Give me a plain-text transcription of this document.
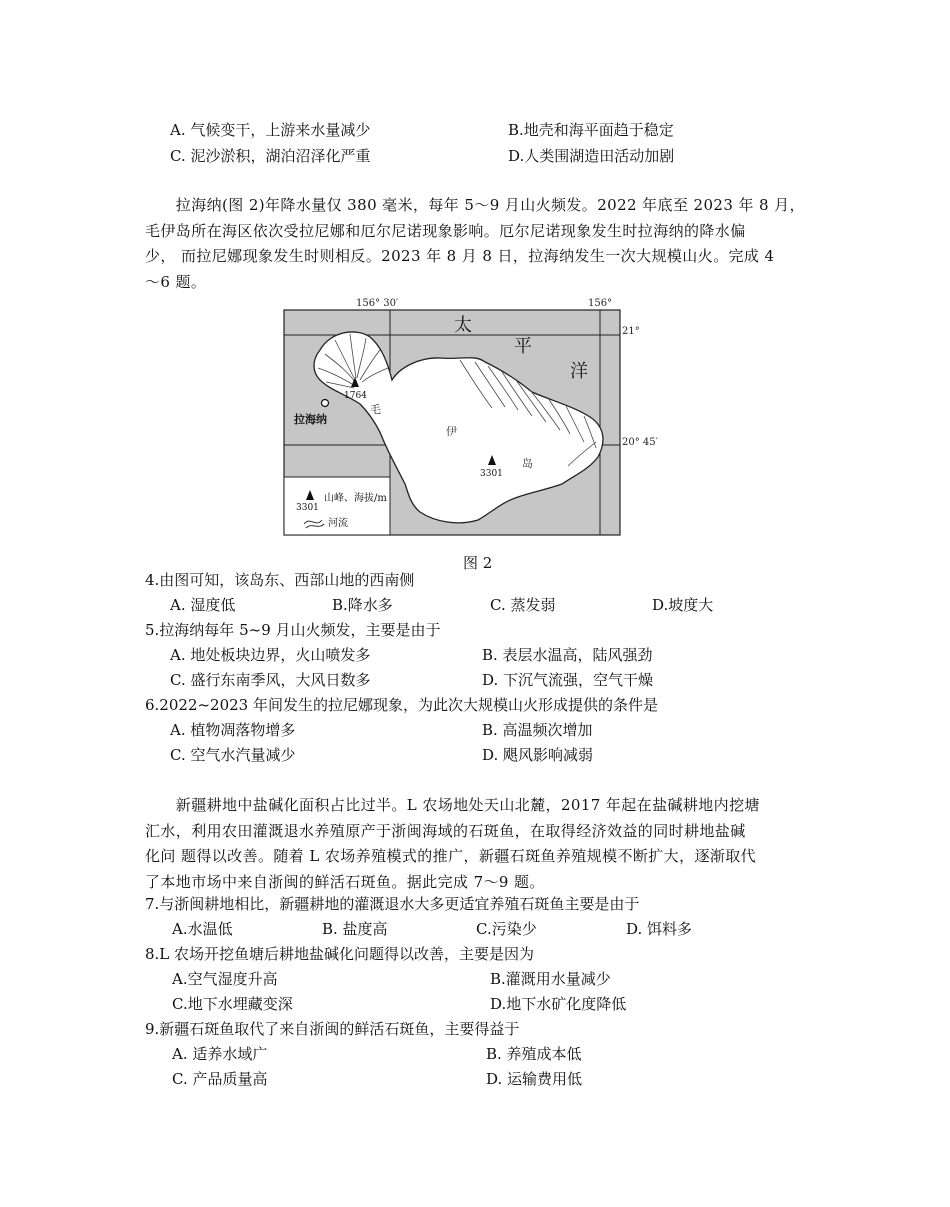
A. 气候变干，上游来水量减少	B.地壳和海平面趋于稳定
C. 泥沙淤积，湖泊沼泽化严重	D.人类围湖造田活动加剧
　　拉海纳(图 2)年降水量仅 380 毫米，每年 5～9 月山火频发。2022 年底至 2023 年 8 月，
毛伊岛所在海区依次受拉尼娜和厄尔尼诺现象影响。厄尔尼诺现象发生时拉海纳的降水偏
少， 而拉尼娜现象发生时则相反。2023 年 8 月 8 日，拉海纳发生一次大规模山火。完成 4
～6 题。
156° 30′	156°
21°
20° 45′
太
平
洋
毛
伊
岛
1764
3301
拉海纳
3301
山峰、海拔/m
河流
图 2
4.由图可知，该岛东、西部山地的西南侧
A. 湿度低	B.降水多	C. 蒸发弱	D.坡度大
5.拉海纳每年 5~9 月山火频发，主要是由于
A. 地处板块边界，火山喷发多	B. 表层水温高，陆风强劲
C. 盛行东南季风，大风日数多	D. 下沉气流强，空气干燥
6.2022~2023 年间发生的拉尼娜现象，为此次大规模山火形成提供的条件是
A. 植物凋落物增多	B. 高温频次增加
C. 空气水汽量减少	D. 飓风影响减弱
　　新疆耕地中盐碱化面积占比过半。L 农场地处天山北麓，2017 年起在盐碱耕地内挖塘
汇水，利用农田灌溉退水养殖原产于浙闽海域的石斑鱼，在取得经济效益的同时耕地盐碱
化问 题得以改善。随着 L 农场养殖模式的推广，新疆石斑鱼养殖规模不断扩大，逐渐取代
了本地市场中来自浙闽的鲜活石斑鱼。据此完成 7～9 题。
7.与浙闽耕地相比，新疆耕地的灌溉退水大多更适宜养殖石斑鱼主要是由于
A.水温低	B. 盐度高	C.污染少	D. 饵料多
8.L 农场开挖鱼塘后耕地盐碱化问题得以改善，主要是因为
A.空气湿度升高	B.灌溉用水量减少
C.地下水埋藏变深	D.地下水矿化度降低
9.新疆石斑鱼取代了来自浙闽的鲜活石斑鱼，主要得益于
A. 适养水域广	B. 养殖成本低
C. 产品质量高	D. 运输费用低
